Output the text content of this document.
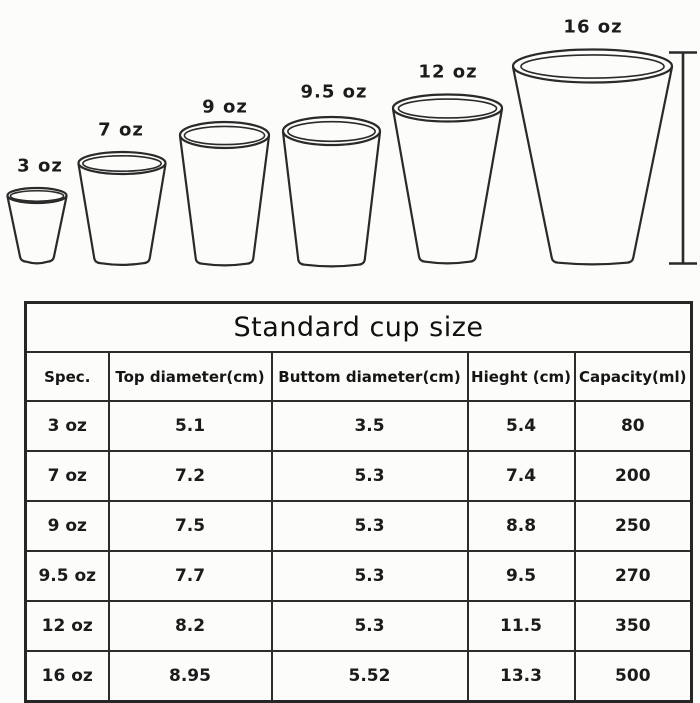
3 oz
7 oz
9 oz
9.5 oz
12 oz
16 oz
Standard cup size				
Spec.	Top diameter(cm)	Buttom diameter(cm)	Hieght (cm)	Capacity(ml)
3 oz	5.1	3.5	5.4	80
7 oz	7.2	5.3	7.4	200
9 oz	7.5	5.3	8.8	250
9.5 oz	7.7	5.3	9.5	270
12 oz	8.2	5.3	11.5	350
16 oz	8.95	5.52	13.3	500
